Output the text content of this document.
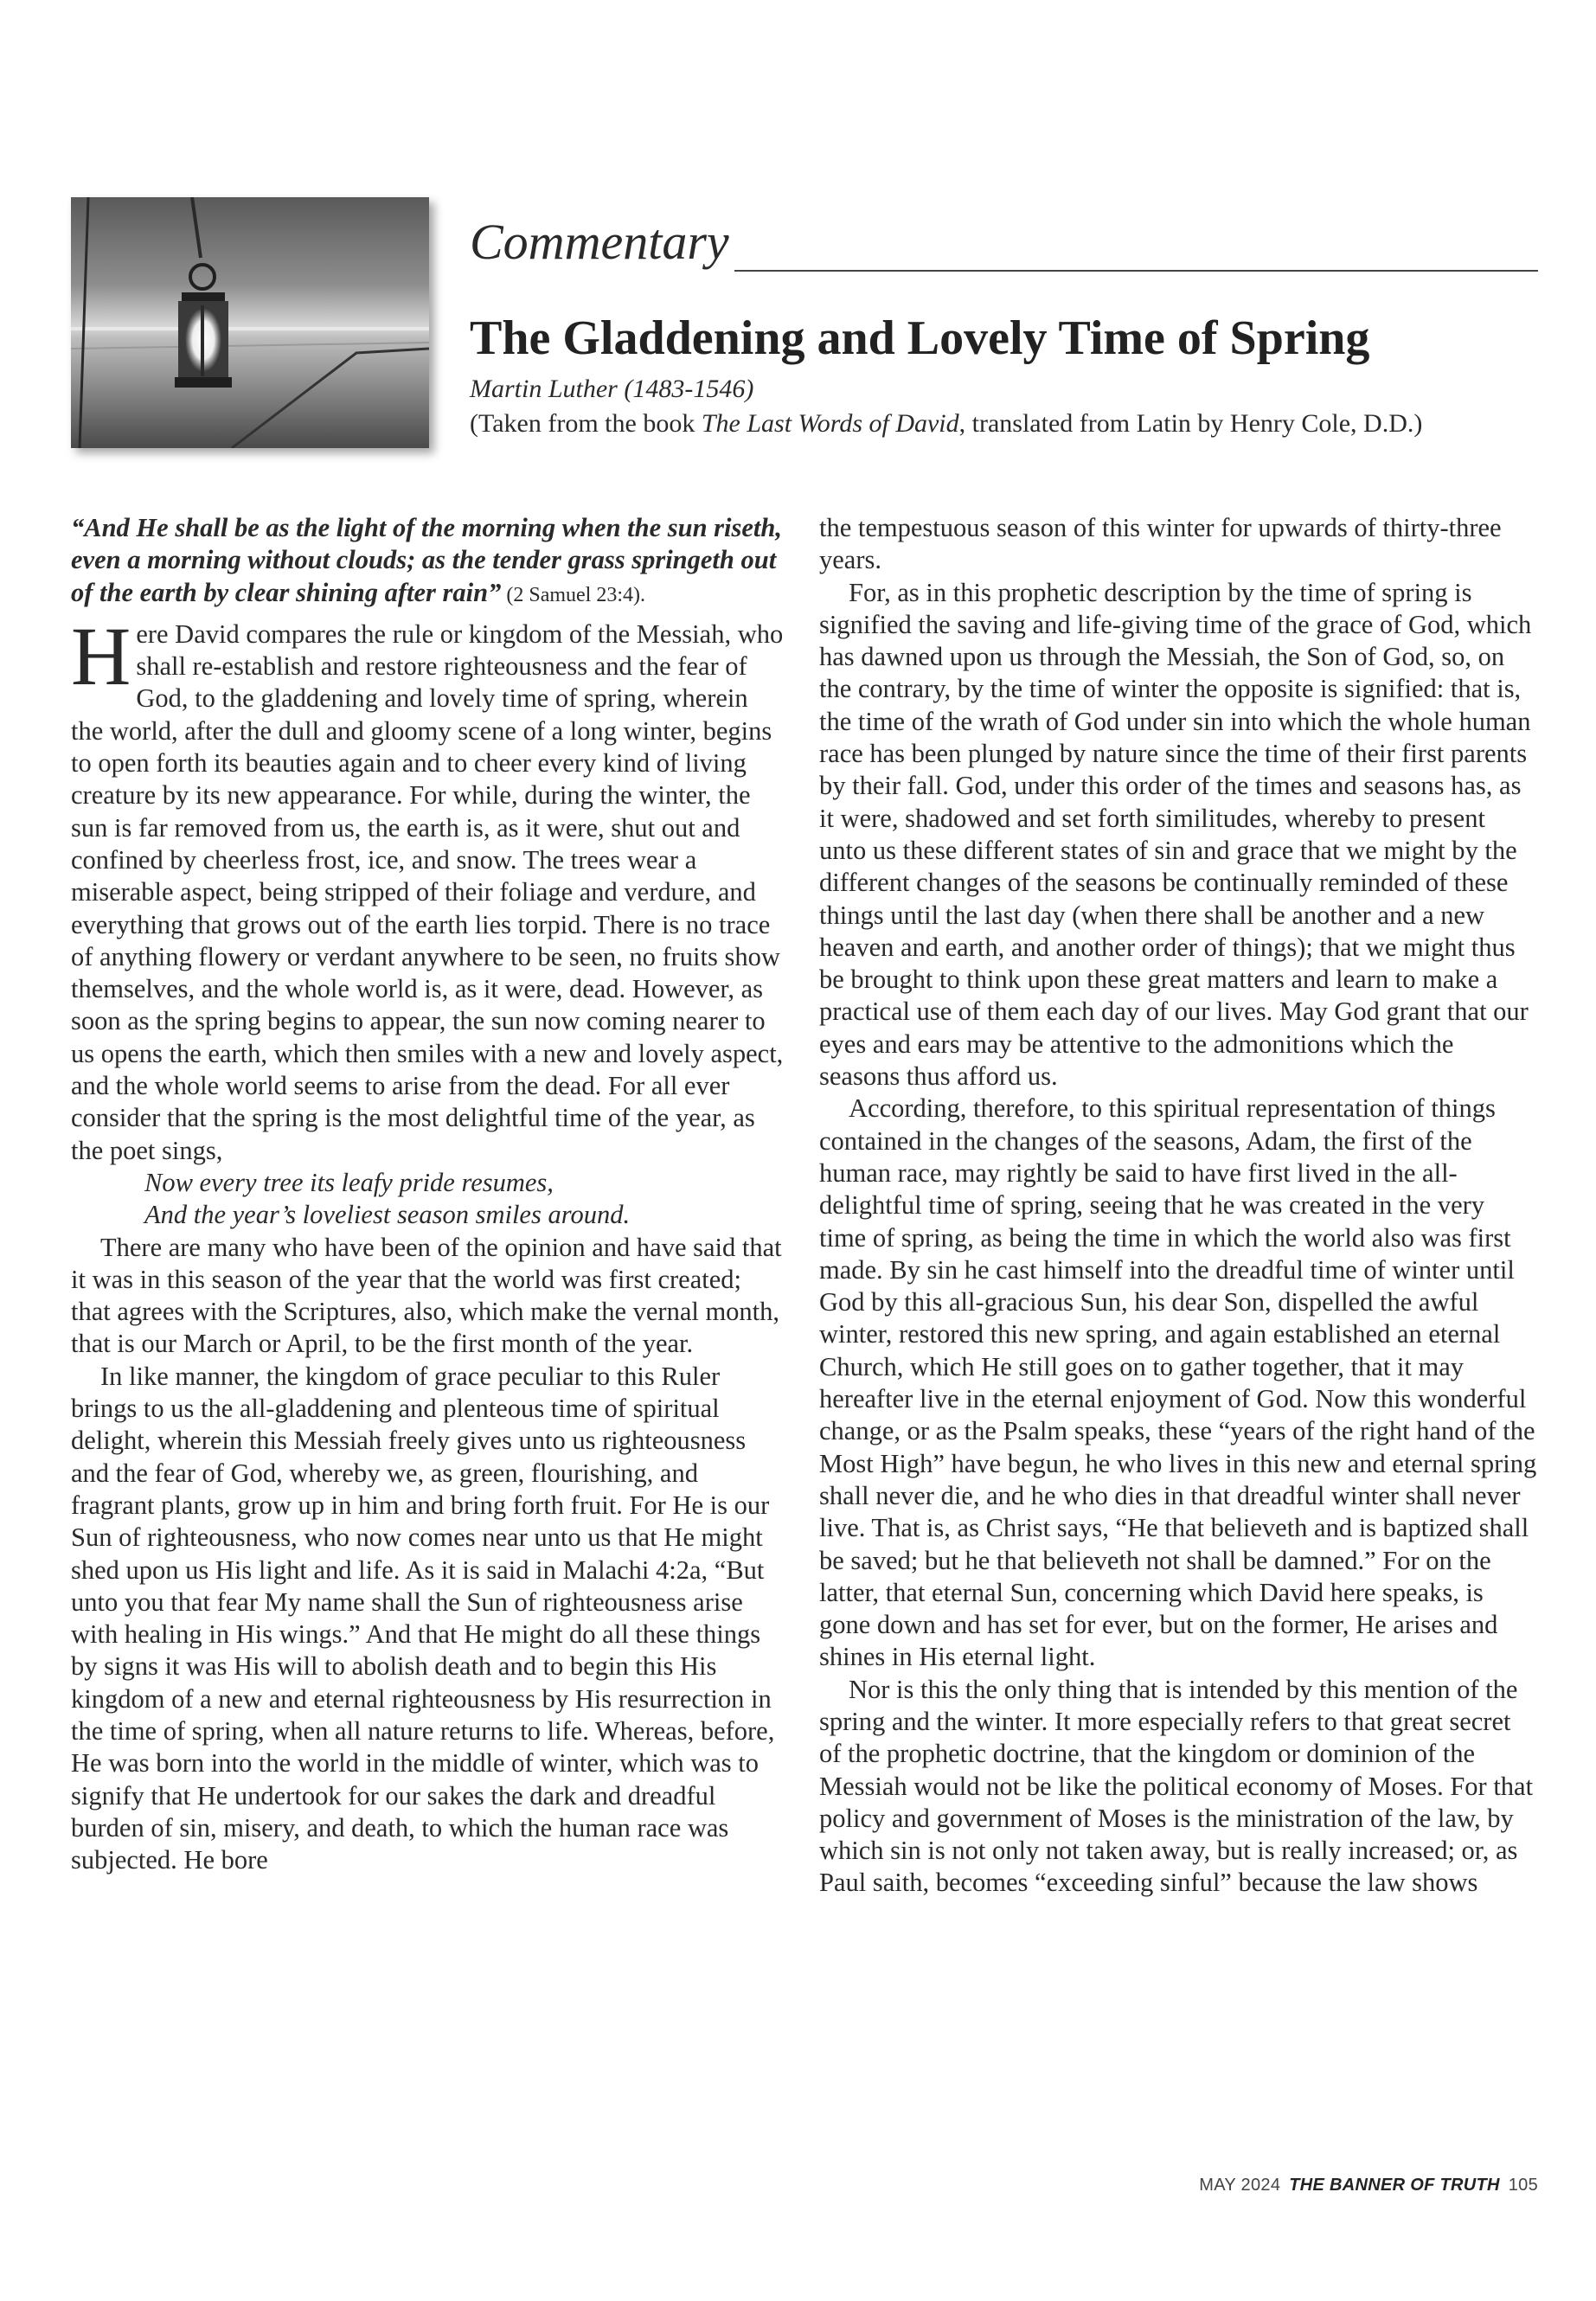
Commentary
The Gladdening and Lovely Time of Spring
Martin Luther (1483-1546)
(Taken from the book The Last Words of David, translated from Latin by Henry Cole, D.D.)

“And He shall be as the light of the morning when the sun riseth, even a morning without clouds; as the tender grass springeth out of the earth by clear shining after rain” (2 Samuel 23:4).

Here David compares the rule or kingdom of the Messiah, who shall re-establish and restore righteousness and the fear of God, to the gladdening and lovely time of spring, wherein the world, after the dull and gloomy scene of a long winter, begins to open forth its beauties again and to cheer every kind of living creature by its new appearance. For while, during the winter, the sun is far removed from us, the earth is, as it were, shut out and confined by cheerless frost, ice, and snow. The trees wear a miserable aspect, being stripped of their foliage and verdure, and everything that grows out of the earth lies torpid. There is no trace of anything flowery or verdant anywhere to be seen, no fruits show themselves, and the whole world is, as it were, dead. However, as soon as the spring begins to appear, the sun now coming nearer to us opens the earth, which then smiles with a new and lovely aspect, and the whole world seems to arise from the dead. For all ever consider that the spring is the most delightful time of the year, as the poet sings,

Now every tree its leafy pride resumes,

And the year’s loveliest season smiles around.

There are many who have been of the opinion and have said that it was in this season of the year that the world was first created; that agrees with the Scriptures, also, which make the vernal month, that is our March or April, to be the first month of the year.

In like manner, the kingdom of grace peculiar to this Ruler brings to us the all-gladdening and plenteous time of spiritual delight, wherein this Messiah freely gives unto us righteousness and the fear of God, whereby we, as green, flourishing, and fragrant plants, grow up in him and bring forth fruit. For He is our Sun of righteousness, who now comes near unto us that He might shed upon us His light and life. As it is said in Malachi 4:2a, “But unto you that fear My name shall the Sun of righteousness arise with healing in His wings.” And that He might do all these things by signs it was His will to abolish death and to begin this His kingdom of a new and eternal righteousness by His resurrection in the time of spring, when all nature returns to life. Whereas, before, He was born into the world in the middle of winter, which was to signify that He undertook for our sakes the dark and dreadful burden of sin, misery, and death, to which the human race was subjected. He bore

the tempestuous season of this winter for upwards of thirty-three years.

For, as in this prophetic description by the time of spring is signified the saving and life-giving time of the grace of God, which has dawned upon us through the Messiah, the Son of God, so, on the contrary, by the time of winter the opposite is signified: that is, the time of the wrath of God under sin into which the whole human race has been plunged by nature since the time of their first parents by their fall. God, under this order of the times and seasons has, as it were, shadowed and set forth similitudes, whereby to present unto us these different states of sin and grace that we might by the different changes of the seasons be continually reminded of these things until the last day (when there shall be another and a new heaven and earth, and another order of things); that we might thus be brought to think upon these great matters and learn to make a practical use of them each day of our lives. May God grant that our eyes and ears may be attentive to the admonitions which the seasons thus afford us.

According, therefore, to this spiritual representation of things contained in the changes of the seasons, Adam, the first of the human race, may rightly be said to have first lived in the all-delightful time of spring, seeing that he was created in the very time of spring, as being the time in which the world also was first made. By sin he cast himself into the dreadful time of winter until God by this all-gracious Sun, his dear Son, dispelled the awful winter, restored this new spring, and again established an eternal Church, which He still goes on to gather together, that it may hereafter live in the eternal enjoyment of God. Now this wonderful change, or as the Psalm speaks, these “years of the right hand of the Most High” have begun, he who lives in this new and eternal spring shall never die, and he who dies in that dreadful winter shall never live. That is, as Christ says, “He that believeth and is baptized shall be saved; but he that believeth not shall be damned.” For on the latter, that eternal Sun, concerning which David here speaks, is gone down and has set for ever, but on the former, He arises and shines in His eternal light.

Nor is this the only thing that is intended by this mention of the spring and the winter. It more especially refers to that great secret of the prophetic doctrine, that the kingdom or dominion of the Messiah would not be like the political economy of Moses. For that policy and government of Moses is the ministration of the law, by which sin is not only not taken away, but is really increased; or, as Paul saith, becomes “exceeding sinful” because the law shows

MAY 2024 THE BANNER OF TRUTH 105
